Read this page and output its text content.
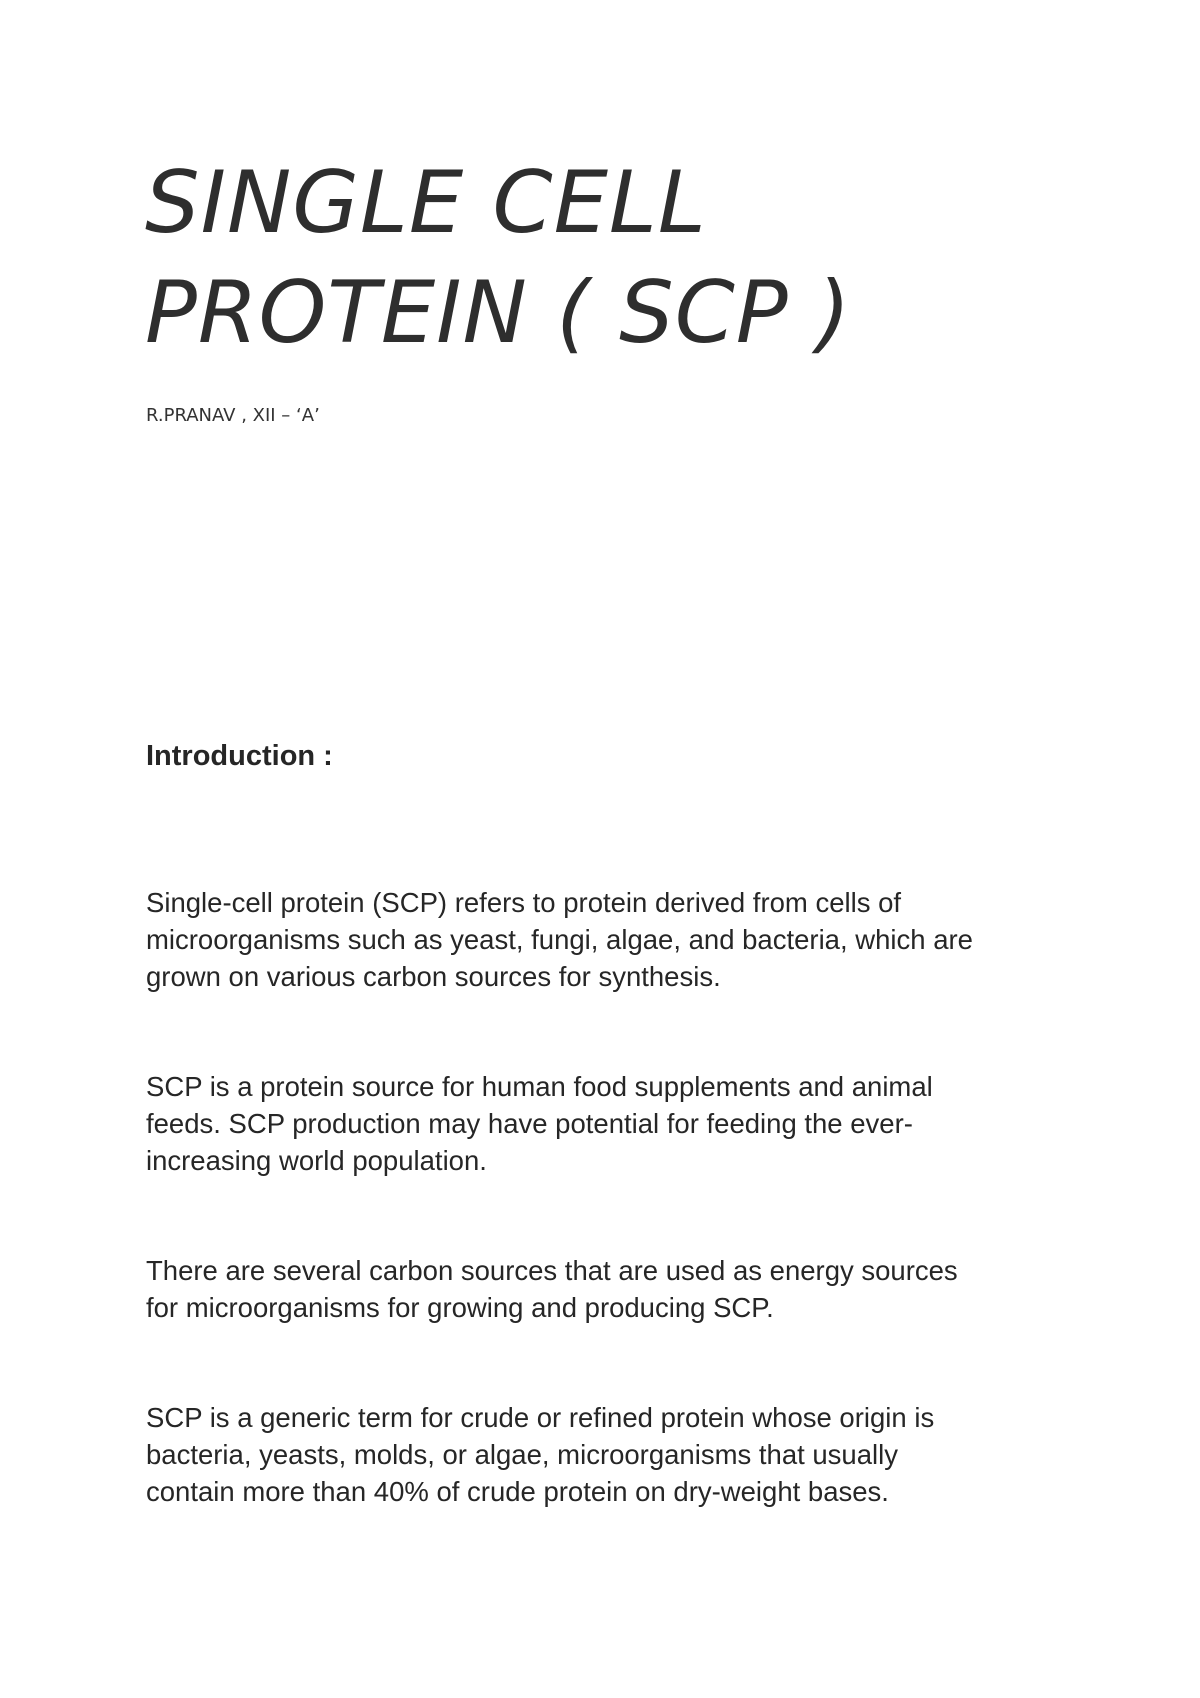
SINGLE CELL
PROTEIN ( SCP )

R.PRANAV , XII – ‘A’

Introduction :

Single-cell protein (SCP) refers to protein derived from cells of
microorganisms such as yeast, fungi, algae, and bacteria, which are
grown on various carbon sources for synthesis.

SCP is a protein source for human food supplements and animal
feeds. SCP production may have potential for feeding the ever-
increasing world population.

There are several carbon sources that are used as energy sources
for microorganisms for growing and producing SCP.

SCP is a generic term for crude or refined protein whose origin is
bacteria, yeasts, molds, or algae, microorganisms that usually
contain more than 40% of crude protein on dry-weight bases.
